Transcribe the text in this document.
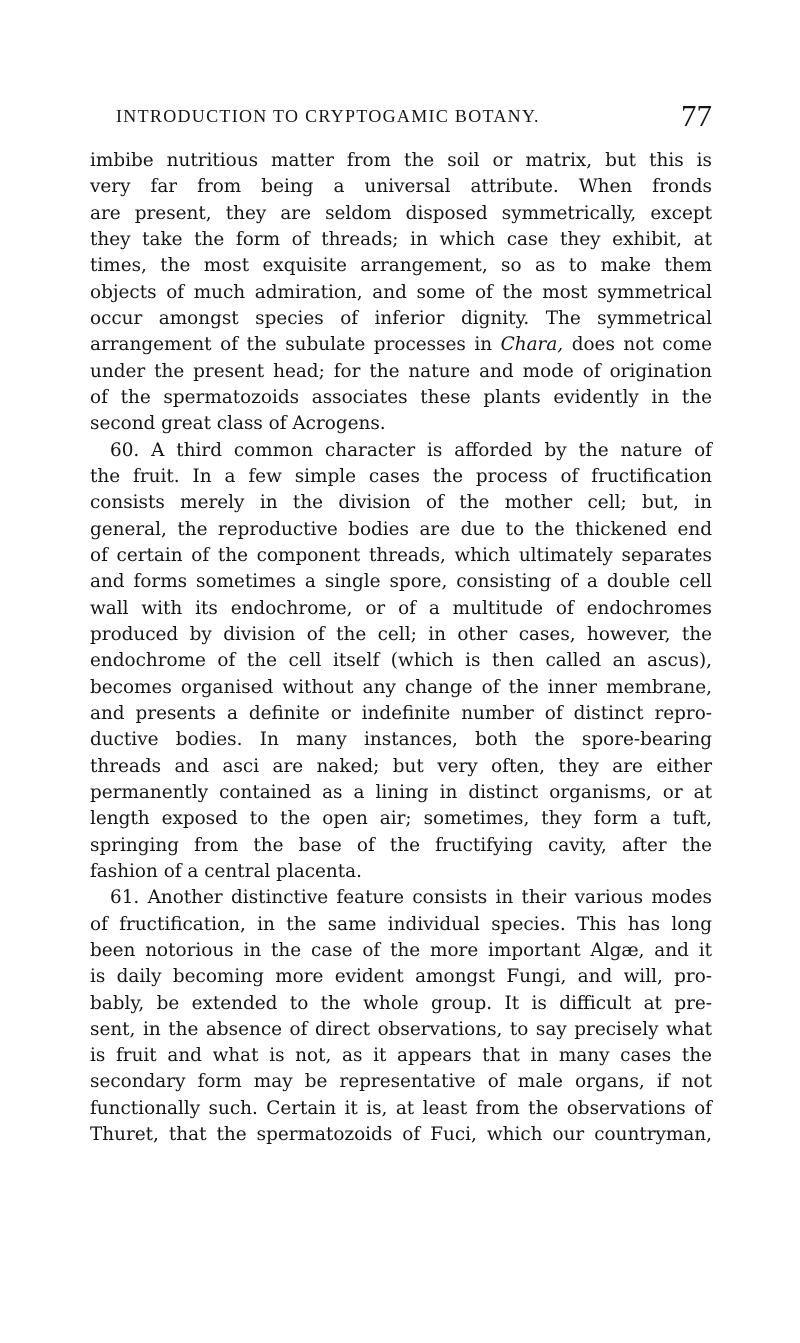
INTRODUCTION TO CRYPTOGAMIC BOTANY.	77
imbibe nutritious matter from the soil or matrix, but this is
very far from being a universal attribute. When fronds
are present, they are seldom disposed symmetrically, except
they take the form of threads; in which case they exhibit, at
times, the most exquisite arrangement, so as to make them
objects of much admiration, and some of the most symmetrical
occur amongst species of inferior dignity. The symmetrical
arrangement of the subulate processes in Chara, does not come
under the present head; for the nature and mode of origination
of the spermatozoids associates these plants evidently in the
second great class of Acrogens.
60. A third common character is afforded by the nature of
the fruit. In a few simple cases the process of fructification
consists merely in the division of the mother cell; but, in
general, the reproductive bodies are due to the thickened end
of certain of the component threads, which ultimately separates
and forms sometimes a single spore, consisting of a double cell
wall with its endochrome, or of a multitude of endochromes
produced by division of the cell; in other cases, however, the
endochrome of the cell itself (which is then called an ascus),
becomes organised without any change of the inner membrane,
and presents a definite or indefinite number of distinct repro-
ductive bodies. In many instances, both the spore-bearing
threads and asci are naked; but very often, they are either
permanently contained as a lining in distinct organisms, or at
length exposed to the open air; sometimes, they form a tuft,
springing from the base of the fructifying cavity, after the
fashion of a central placenta.
61. Another distinctive feature consists in their various modes
of fructification, in the same individual species. This has long
been notorious in the case of the more important Algæ, and it
is daily becoming more evident amongst Fungi, and will, pro-
bably, be extended to the whole group. It is difficult at pre-
sent, in the absence of direct observations, to say precisely what
is fruit and what is not, as it appears that in many cases the
secondary form may be representative of male organs, if not
functionally such. Certain it is, at least from the observations of
Thuret, that the spermatozoids of Fuci, which our countryman,
